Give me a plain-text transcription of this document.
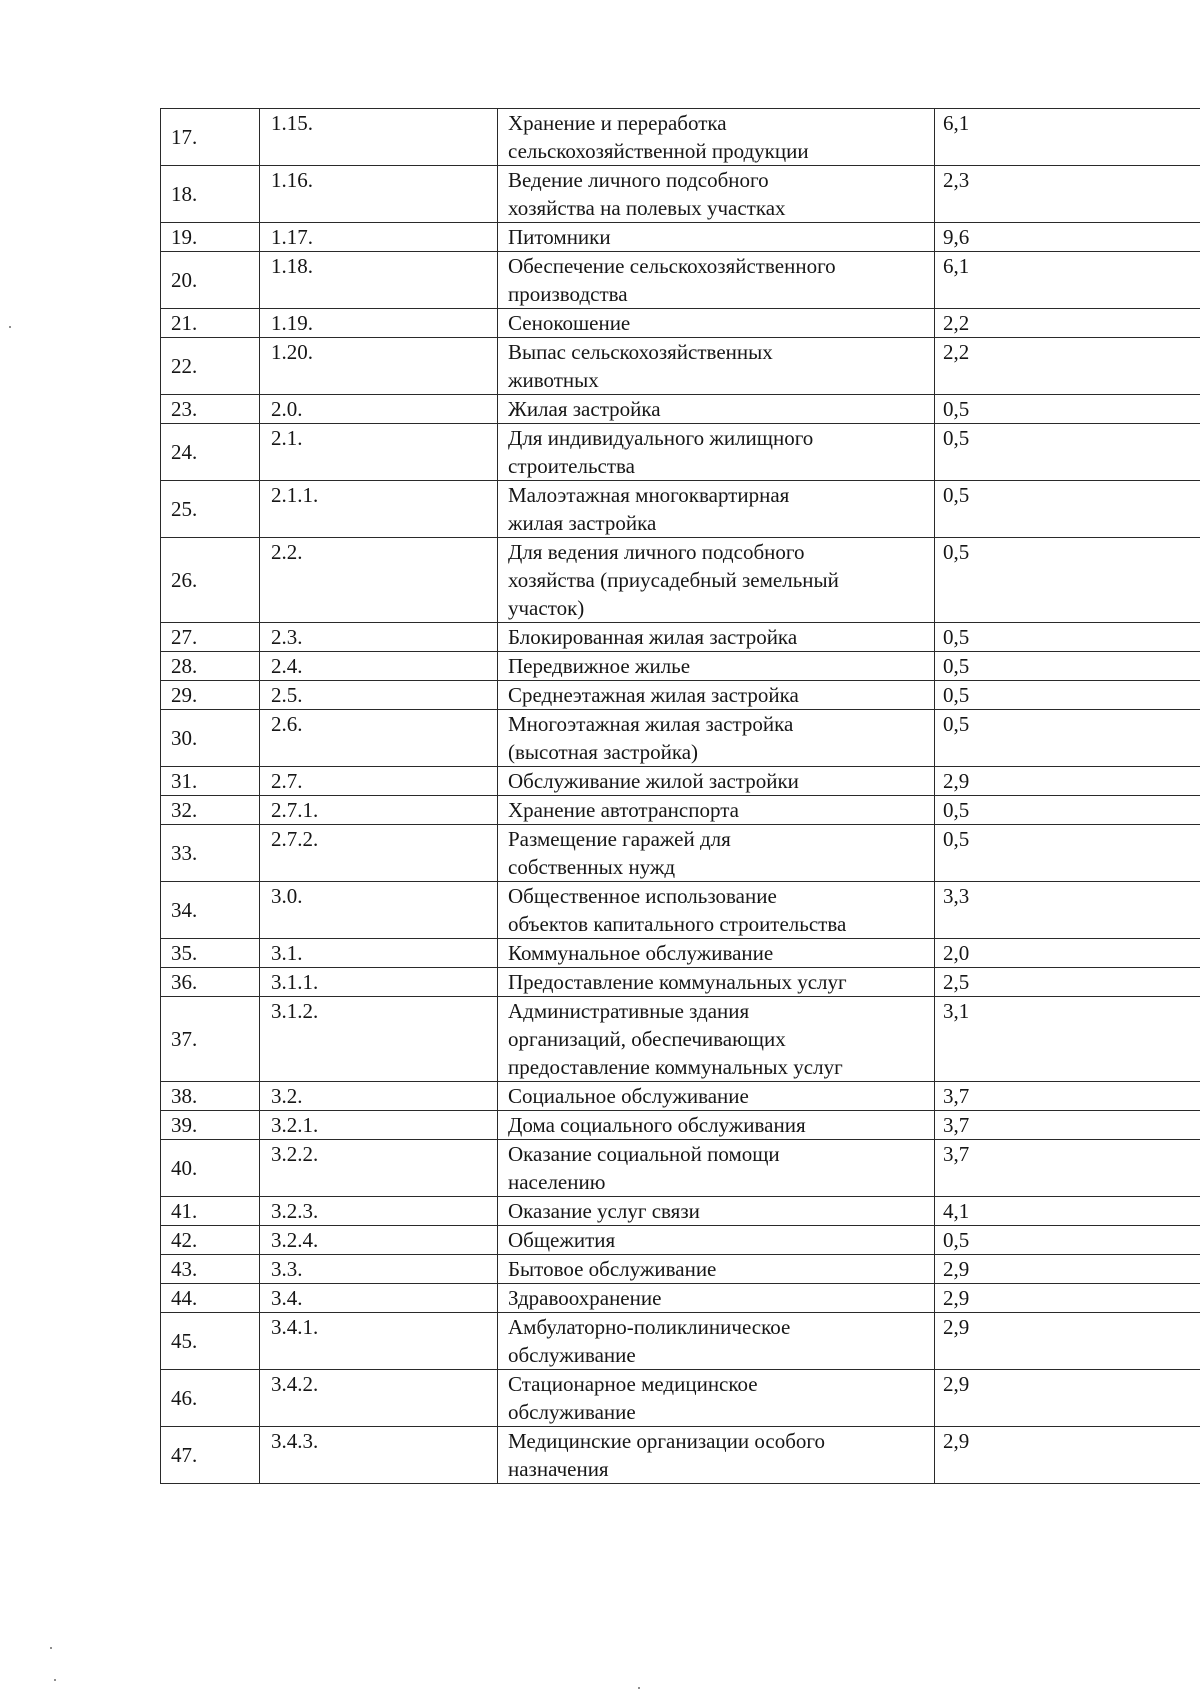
17.	1.15.	Хранение и переработка
сельскохозяйственной продукции	6,1
18.	1.16.	Ведение личного подсобного
хозяйства на полевых участках	2,3
19.	1.17.	Питомники	9,6
20.	1.18.	Обеспечение сельскохозяйственного
производства	6,1
21.	1.19.	Сенокошение	2,2
22.	1.20.	Выпас сельскохозяйственных
животных	2,2
23.	2.0.	Жилая застройка	0,5
24.	2.1.	Для индивидуального жилищного
строительства	0,5
25.	2.1.1.	Малоэтажная многоквартирная
жилая застройка	0,5
26.	2.2.	Для ведения личного подсобного
хозяйства (приусадебный земельный
участок)	0,5
27.	2.3.	Блокированная жилая застройка	0,5
28.	2.4.	Передвижное жилье	0,5
29.	2.5.	Среднеэтажная жилая застройка	0,5
30.	2.6.	Многоэтажная жилая застройка
(высотная застройка)	0,5
31.	2.7.	Обслуживание жилой застройки	2,9
32.	2.7.1.	Хранение автотранспорта	0,5
33.	2.7.2.	Размещение гаражей для
собственных нужд	0,5
34.	3.0.	Общественное использование
объектов капитального строительства	3,3
35.	3.1.	Коммунальное обслуживание	2,0
36.	3.1.1.	Предоставление коммунальных услуг	2,5
37.	3.1.2.	Административные здания
организаций, обеспечивающих
предоставление коммунальных услуг	3,1
38.	3.2.	Социальное обслуживание	3,7
39.	3.2.1.	Дома социального обслуживания	3,7
40.	3.2.2.	Оказание социальной помощи
населению	3,7
41.	3.2.3.	Оказание услуг связи	4,1
42.	3.2.4.	Общежития	0,5
43.	3.3.	Бытовое обслуживание	2,9
44.	3.4.	Здравоохранение	2,9
45.	3.4.1.	Амбулаторно-поликлиническое
обслуживание	2,9
46.	3.4.2.	Стационарное медицинское
обслуживание	2,9
47.	3.4.3.	Медицинские организации особого
назначения	2,9
